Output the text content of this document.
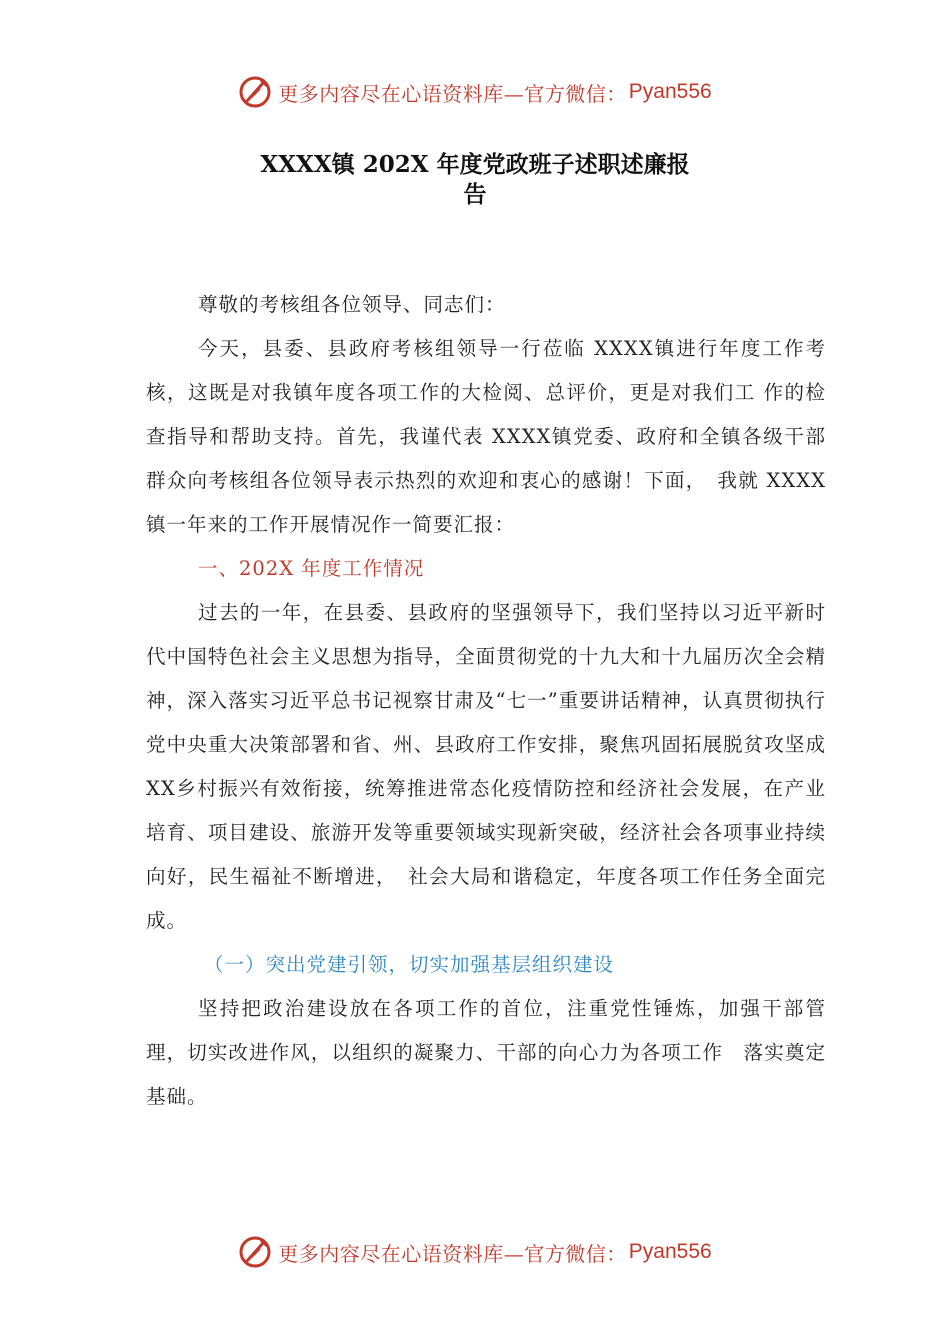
更多内容尽在心语资料库—官方微信： Pyan556
XXXX镇 202X 年度党政班子述职述廉报
告

尊敬的考核组各位领导、同志们：

今天，县委、县政府考核组领导一行莅临 XXXX镇进行年度工作考核，这既是对我镇年度各项工作的大检阅、总评价，更是对我们工 作的检查指导和帮助支持。首先，我谨代表 XXXX镇党委、政府和全镇各级干部群众向考核组各位领导表示热烈的欢迎和衷心的感谢！下面，　我就 XXXX镇一年来的工作开展情况作一简要汇报：

一、202X 年度工作情况

过去的一年，在县委、县政府的坚强领导下，我们坚持以习近平新时代中国特色社会主义思想为指导，全面贯彻党的十九大和十九届历次全会精神，深入落实习近平总书记视察甘肃及“七一”重要讲话精神，认真贯彻执行党中央重大决策部署和省、州、县政府工作安排，聚焦巩固拓展脱贫攻坚成XX乡村振兴有效衔接，统筹推进常态化疫情防控和经济社会发展，在产业培育、项目建设、旅游开发等重要领域实现新突破，经济社会各项事业持续向好，民生福祉不断增进，　社会大局和谐稳定，年度各项工作任务全面完成。

（一）突出党建引领，切实加强基层组织建设

坚持把政治建设放在各项工作的首位，注重党性锤炼，加强干部管理，切实改进作风，以组织的凝聚力、干部的向心力为各项工作　落实奠定基础。

更多内容尽在心语资料库—官方微信： Pyan556
